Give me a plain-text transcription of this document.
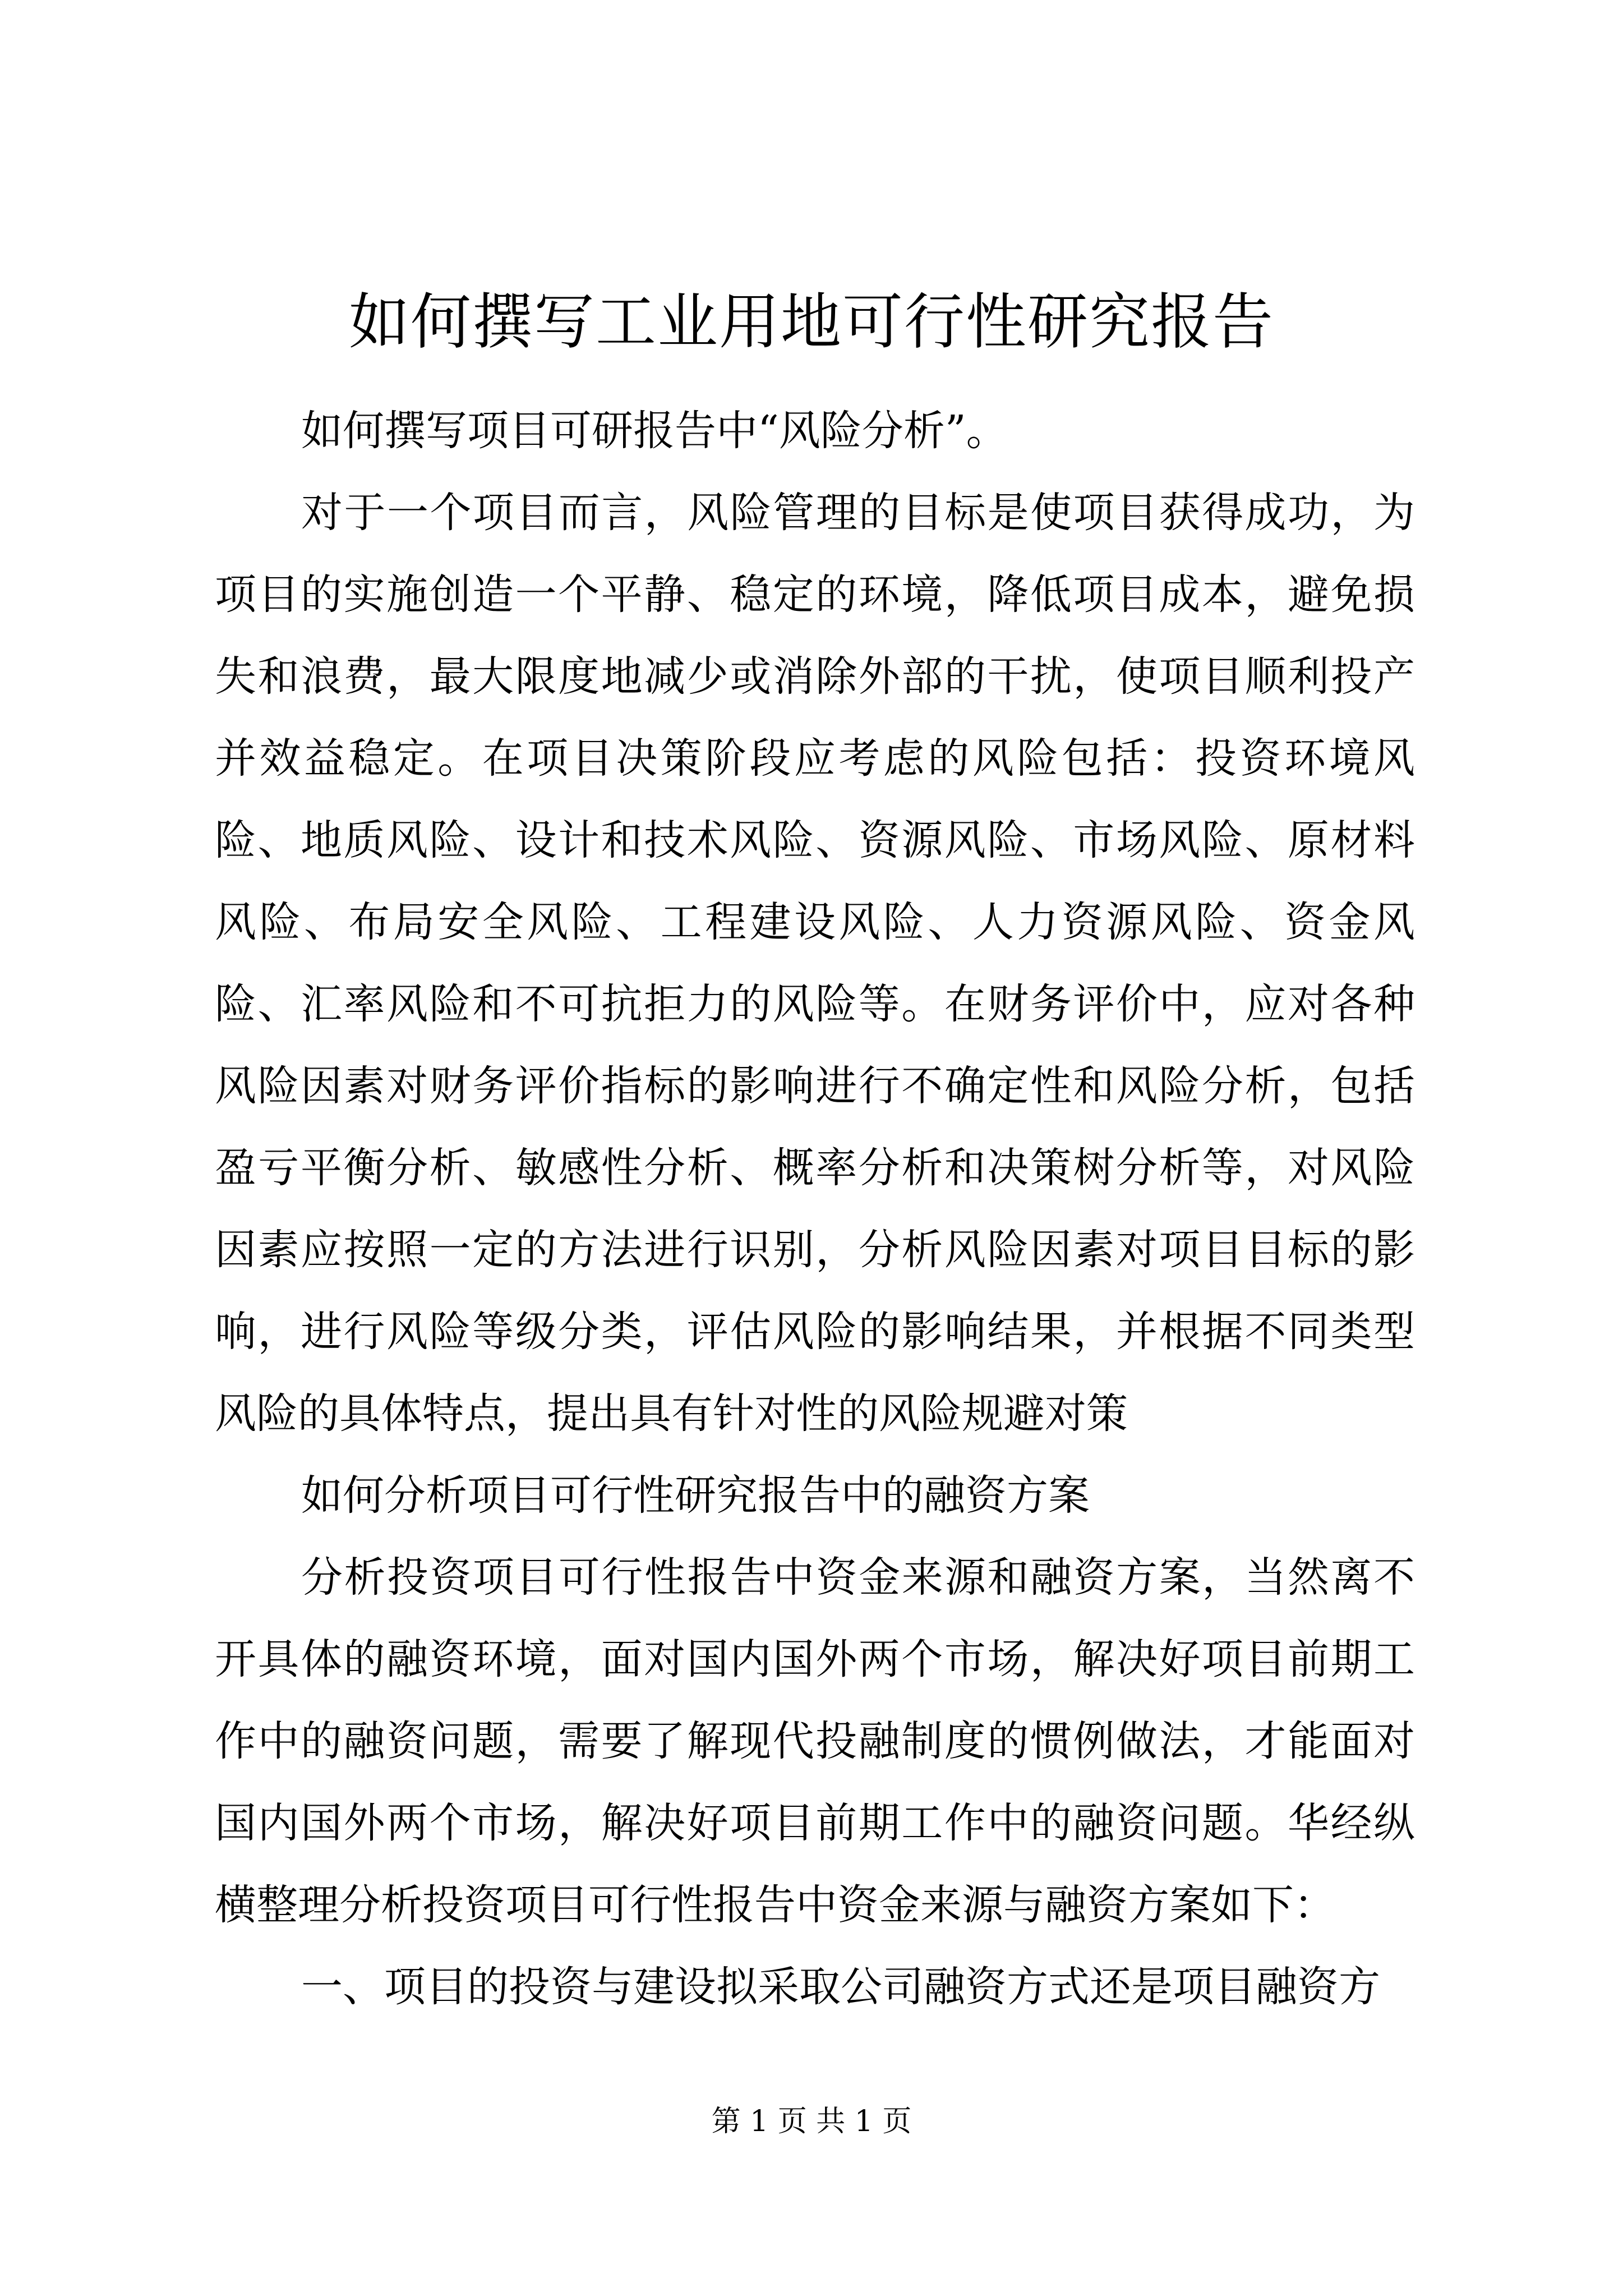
如何撰写工业用地可行性研究报告

如何撰写项目可研报告中“风险分析”。

对于一个项目而言，风险管理的目标是使项目获得成功，为项目的实施创造一个平静、稳定的环境，降低项目成本，避免损失和浪费，最大限度地减少或消除外部的干扰，使项目顺利投产并效益稳定。在项目决策阶段应考虑的风险包括：投资环境风险、地质风险、设计和技术风险、资源风险、市场风险、原材料风险、布局安全风险、工程建设风险、人力资源风险、资金风险、汇率风险和不可抗拒力的风险等。在财务评价中，应对各种风险因素对财务评价指标的影响进行不确定性和风险分析，包括盈亏平衡分析、敏感性分析、概率分析和决策树分析等，对风险因素应按照一定的方法进行识别，分析风险因素对项目目标的影响，进行风险等级分类，评估风险的影响结果，并根据不同类型风险的具体特点，提出具有针对性的风险规避对策

如何分析项目可行性研究报告中的融资方案

分析投资项目可行性报告中资金来源和融资方案，当然离不开具体的融资环境，面对国内国外两个市场，解决好项目前期工作中的融资问题，需要了解现代投融制度的惯例做法，才能面对国内国外两个市场，解决好项目前期工作中的融资问题。华经纵横整理分析投资项目可行性报告中资金来源与融资方案如下：

一、项目的投资与建设拟采取公司融资方式还是项目融资方

第 1 页 共 1 页
